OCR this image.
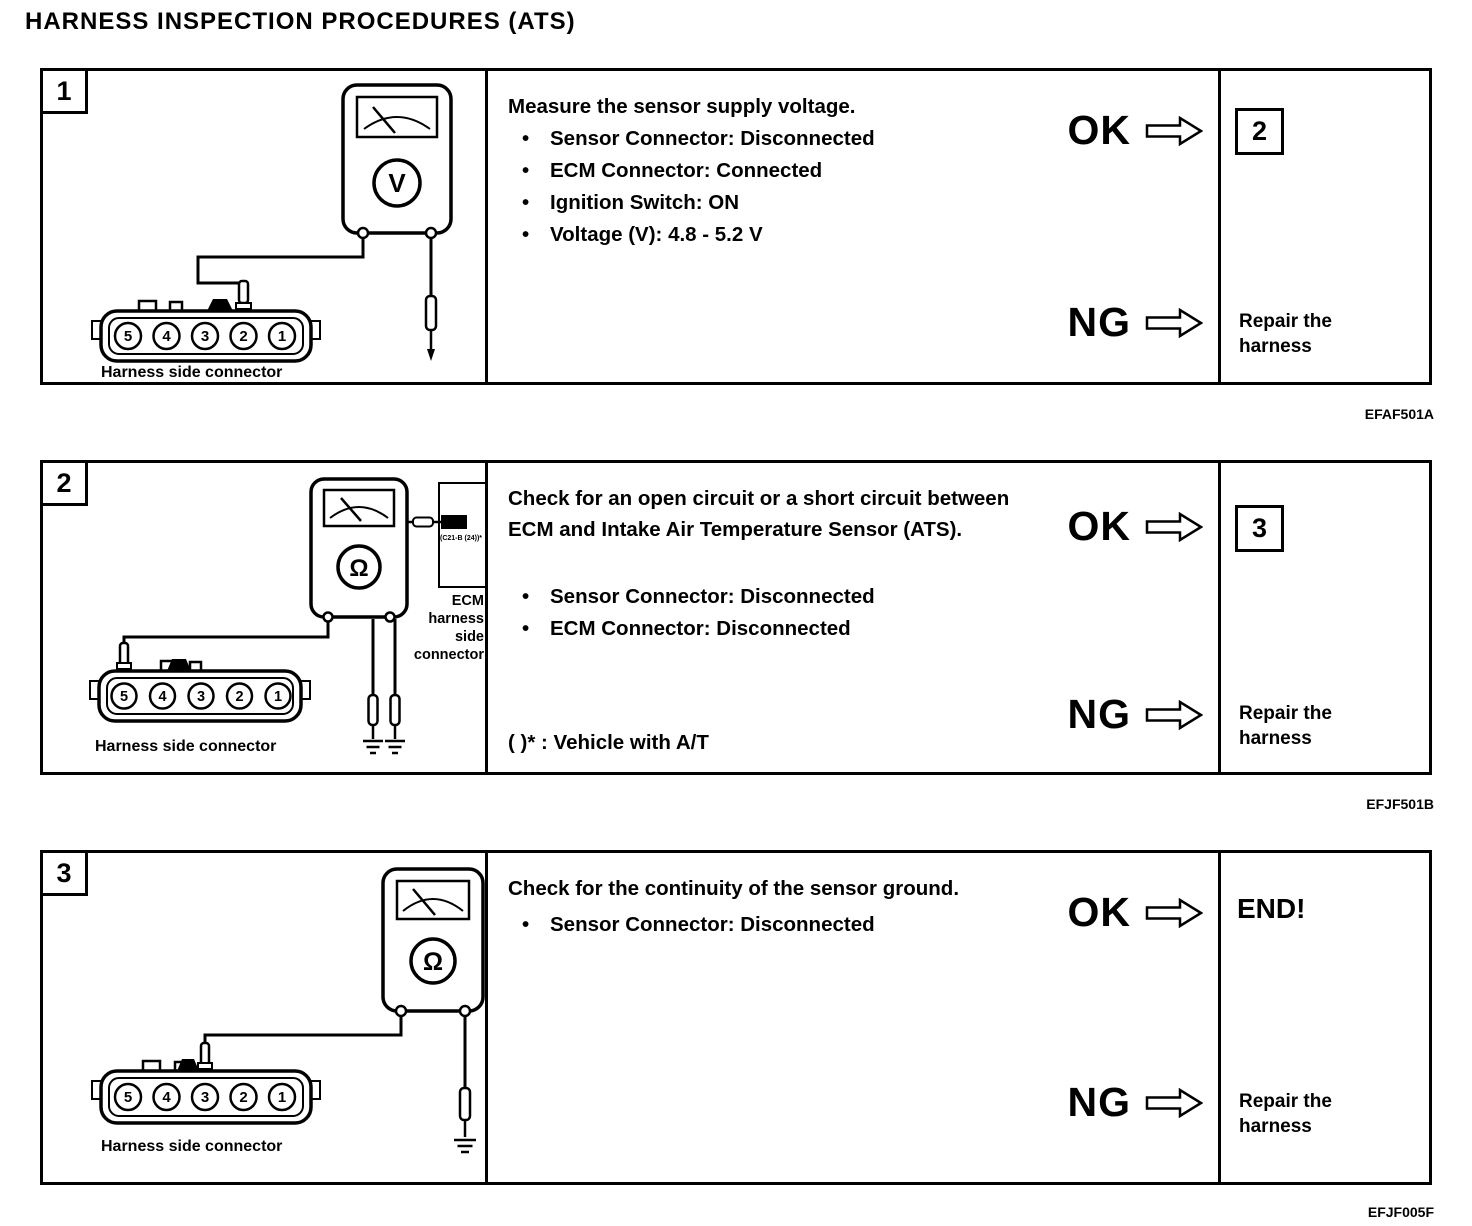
HARNESS INSPECTION PROCEDURES (ATS)
V
5 4 3 2 1
Harness side connector
1
Measure the sensor supply voltage.
•	Sensor Connector: Disconnected
•	ECM Connector: Connected
•	Ignition Switch: ON
•	Voltage (V): 4.8 - 5.2 V
OK
NG
2
Repair the harness
EFAF501A
Ω
C22-D2
(C21-B (24))*
ECM
harness
side
connector
5 4 3 2 1
Harness side connector
2
Check for an open circuit or a short circuit between ECM and Intake Air Temperature Sensor (ATS).
•	Sensor Connector: Disconnected
•	ECM Connector: Disconnected
( )* : Vehicle with A/T
OK
NG
3
Repair the harness
EFJF501B
Ω
5 4 3 2 1
Harness side connector
3
Check for the continuity of the sensor ground.
•	Sensor Connector: Disconnected	OK
NG
END!
Repair the harness
EFJF005F
